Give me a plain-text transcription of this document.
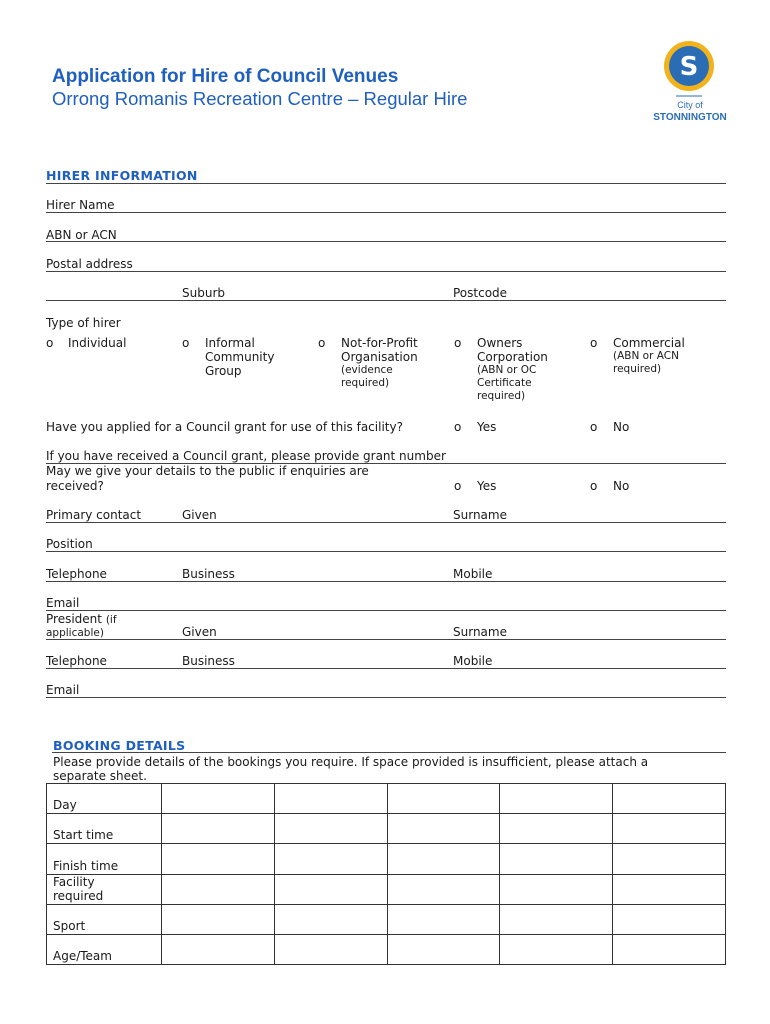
Application for Hire of Council Venues
Orrong Romanis Recreation Centre – Regular Hire
S
City of
STONNINGTON
HIRER INFORMATION
Hirer Name
ABN or ACN
Postal address
Suburb	Postcode
Type of hirer
o Individual	o Informal
Community
Group
o Not-for-Profit
Organisation
(evidence
required)
o Owners
Corporation
(ABN or OC
Certificate
required)
o Commercial
(ABN or ACN
required)
Have you applied for a Council grant for use of this facility?	o Yes	o No
If you have received a Council grant, please provide grant number
May we give your details to the public if enquiries are
received?	o Yes	o No
Primary contact	Given	Surname
Position
Telephone	Business	Mobile
Email
President (if
applicable)	Given	Surname
Telephone	Business	Mobile
Email
BOOKING DETAILS
Please provide details of the bookings you require. If space provided is insufficient, please attach a
separate sheet.
Day					
Start time					
Finish time					

Facility
required					

Sport					
Age/Team					
